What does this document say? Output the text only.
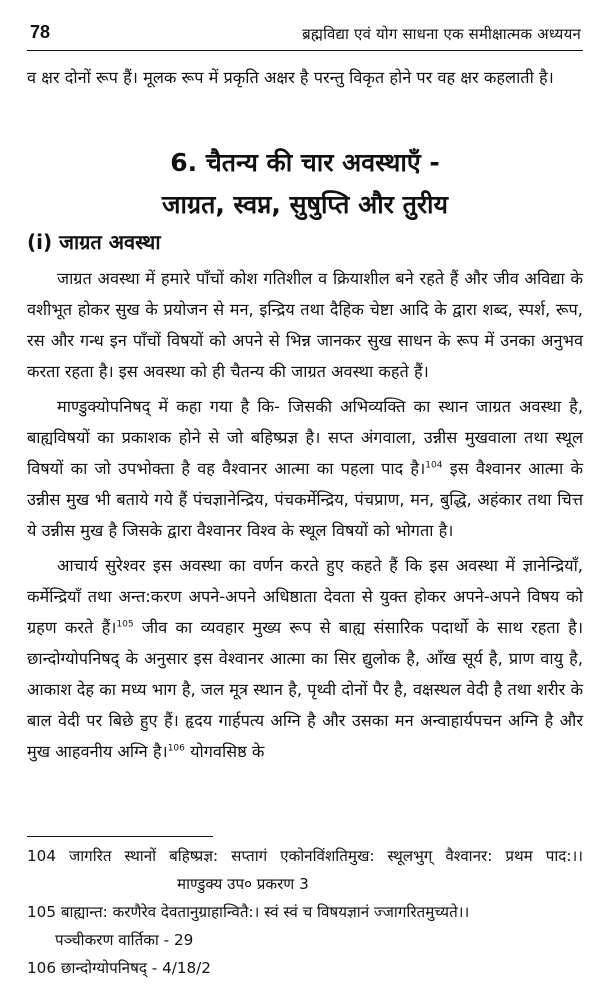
78	ब्रह्मविद्या एवं योग साधना एक समीक्षात्मक अध्ययन
व क्षर दोनों रूप हैं। मूलक रूप में प्रकृति अक्षर है परन्तु विकृत होने पर वह क्षर कहलाती है।
6. चैतन्य की चार अवस्थाएँ -
जाग्रत, स्वप्न, सुषुप्ति और तुरीय
(i) जाग्रत अवस्था

जाग्रत अवस्था में हमारे पाँचों कोश गतिशील व क्रियाशील बने रहते हैं और जीव अविद्या के वशीभूत होकर सुख के प्रयोजन से मन, इन्द्रिय तथा दैहिक चेष्टा आदि के द्वारा शब्द, स्पर्श, रूप, रस और गन्ध इन पाँचों विषयों को अपने से भिन्न जानकर सुख साधन के रूप में उनका अनुभव करता रहता है। इस अवस्था को ही चैतन्य की जाग्रत अवस्था कहते हैं।

माण्डुक्योपनिषद् में कहा गया है कि- जिसकी अभिव्यक्ति का स्थान जाग्रत अवस्था है, बाह्यविषयों का प्रकाशक होने से जो बहिष्प्रज्ञ है। सप्त अंगवाला, उन्नीस मुखवाला तथा स्थूल विषयों का जो उपभोक्ता है वह वैश्वानर आत्मा का पहला पाद है।$^{104}$ इस वैश्वानर आत्मा के उन्नीस मुख भी बताये गये हैं पंचज्ञानेन्द्रिय, पंचकर्मेन्द्रिय, पंचप्राण, मन, बुद्धि, अहंकार तथा चित्त ये उन्नीस मुख है जिसके द्वारा वैश्वानर विश्व के स्थूल विषयों को भोगता है।

आचार्य सुरेश्वर इस अवस्था का वर्णन करते हुए कहते हैं कि इस अवस्था में ज्ञानेन्द्रियाँ, कर्मेन्द्रियाँ तथा अन्त:करण अपने-अपने अधिष्ठाता देवता से युक्त होकर अपने-अपने विषय को ग्रहण करते हैं।$^{105}$ जीव का व्यवहार मुख्य रूप से बाह्य संसारिक पदार्थो के साथ रहता है। छान्दोग्योपनिषद् के अनुसार इस वेश्वानर आत्मा का सिर द्युलोक है, आँख सूर्य है, प्राण वायु है, आकाश देह का मध्य भाग है, जल मूत्र स्थान है, पृथ्वी दोनों पैर है, वक्षस्थल वेदी है तथा शरीर के बाल वेदी पर बिछे हुए हैं। हृदय गार्हपत्य अग्नि है और उसका मन अन्वाहार्यपचन अग्नि है और मुख आहवनीय अग्नि है।$^{106}$ योगवसिष्ठ के

104 जागरित स्थानों बहिष्प्रज्ञ: सप्तागं एकोनविंशतिमुख: स्थूलभुग् वैश्वानर: प्रथम पाद:।।माण्डुक्य उप० प्रकरण 3

105 बाह्यान्त: करणैरेव देवतानुग्राहान्वितै:। स्वं स्वं च विषयज्ञानं ज्जागरितमुच्यते।।

पञ्चीकरण वार्तिका - 29

106 छान्दोग्योपनिषद् - 4/18/2
